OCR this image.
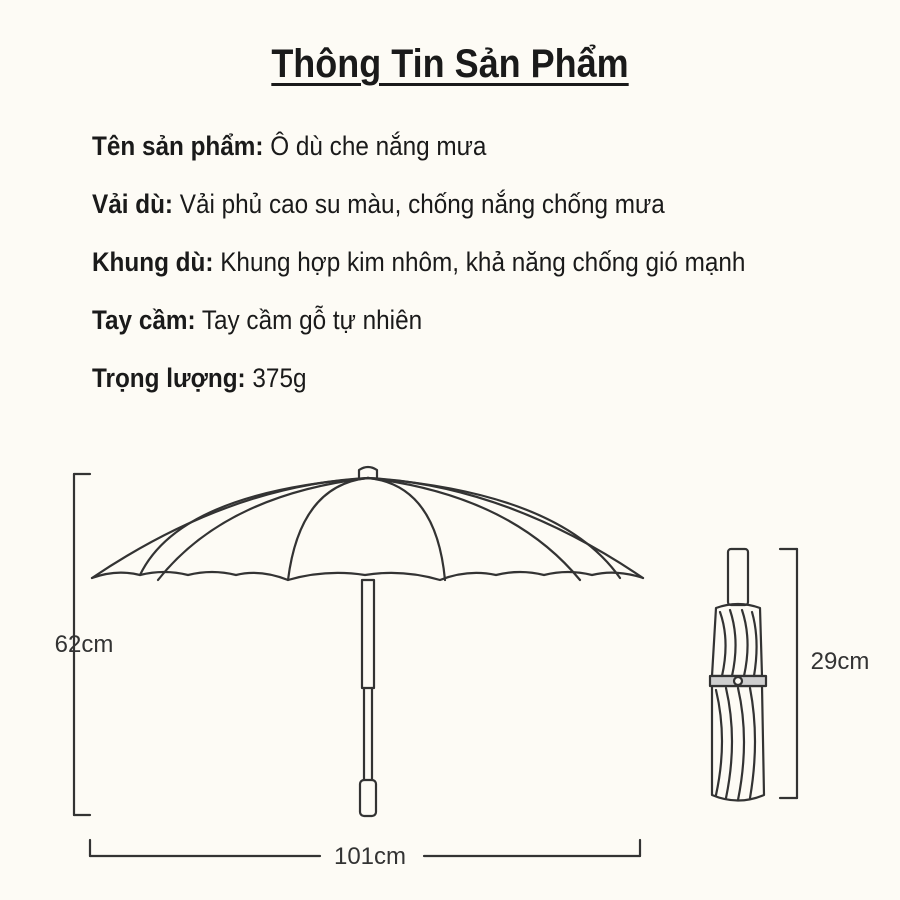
Thông Tin Sản Phẩm
Tên sản phẩm: Ô dù che nắng mưa
Vải dù: Vải phủ cao su màu, chống nắng chống mưa
Khung dù: Khung hợp kim nhôm, khả năng chống gió mạnh
Tay cầm: Tay cầm gỗ tự nhiên
Trọng lượng: 375g
62cm
101cm
29cm
